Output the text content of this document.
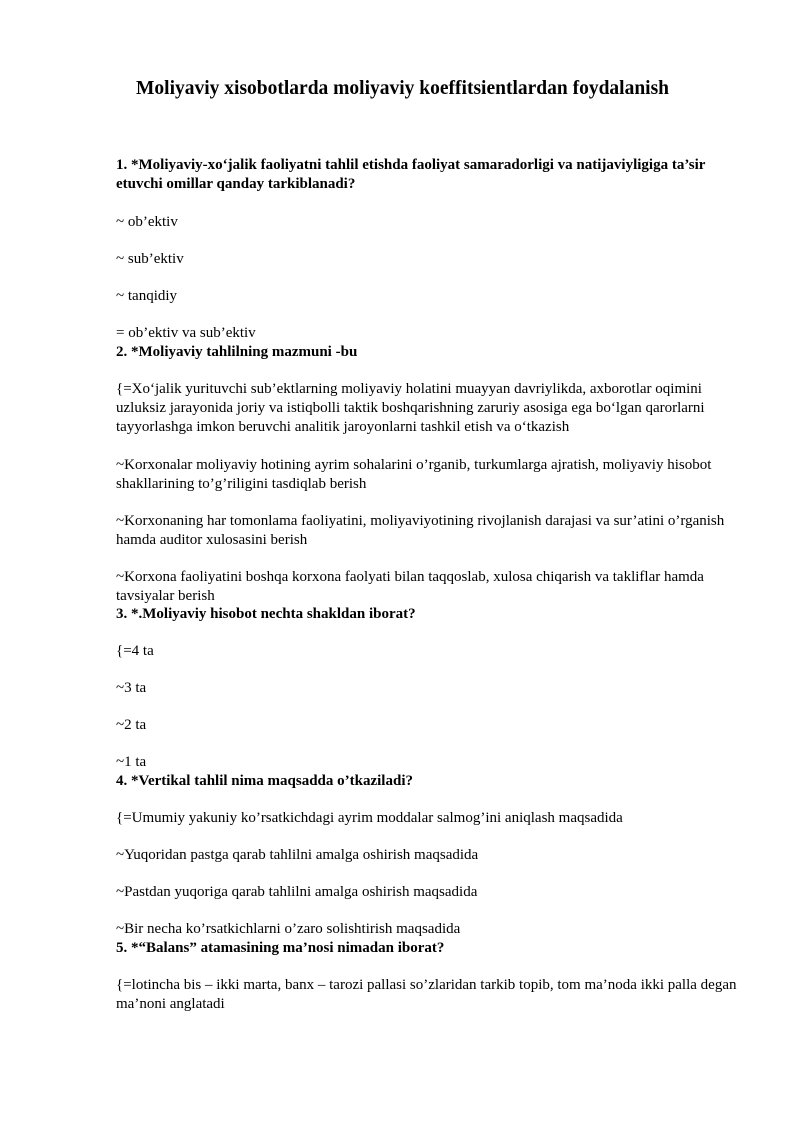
Moliyaviy xisobotlarda moliyaviy koeffitsientlardan foydalanish

1. *Moliyaviy-xo‘jalik faoliyatni tahlil etishda faoliyat samaradorligi va natijaviyligiga ta’sir etuvchi omillar qanday tarkiblanadi?

~ ob’ektiv

~ sub’ektiv

~ tanqidiy

= ob’ektiv va sub’ektiv

2. *Moliyaviy tahlilning mazmuni -bu

{=Xo‘jalik yurituvchi sub’ektlarning moliyaviy holatini muayyan davriylikda, axborotlar oqimini uzluksiz jarayonida joriy va istiqbolli taktik boshqarishning zaruriy asosiga ega bo‘lgan qarorlarni tayyorlashga imkon beruvchi analitik jaroyonlarni tashkil etish va o‘tkazish

~Korxonalar moliyaviy hotining ayrim sohalarini o’rganib, turkumlarga ajratish, moliyaviy hisobot shakllarining to’g’riligini tasdiqlab berish

~Korxonaning har tomonlama faoliyatini, moliyaviyotining rivojlanish darajasi va sur’atini o’rganish hamda auditor xulosasini berish

~Korxona faoliyatini boshqa korxona faolyati bilan taqqoslab, xulosa chiqarish va takliflar hamda tavsiyalar berish

3. *.Moliyaviy hisobot nechta shakldan iborat?

{=4 ta

~3 ta

~2 ta

~1 ta

4. *Vertikal tahlil nima maqsadda o’tkaziladi?

{=Umumiy yakuniy ko’rsatkichdagi ayrim moddalar salmog’ini aniqlash maqsadida

~Yuqoridan pastga qarab tahlilni amalga oshirish maqsadida

~Pastdan yuqoriga qarab tahlilni amalga oshirish maqsadida

~Bir necha ko’rsatkichlarni o’zaro solishtirish maqsadida

5. *“Balans” atamasining ma’nosi nimadan iborat?

{=lotincha bis – ikki marta, banx – tarozi pallasi so’zlaridan tarkib topib, tom ma’noda ikki palla degan ma’noni anglatadi
